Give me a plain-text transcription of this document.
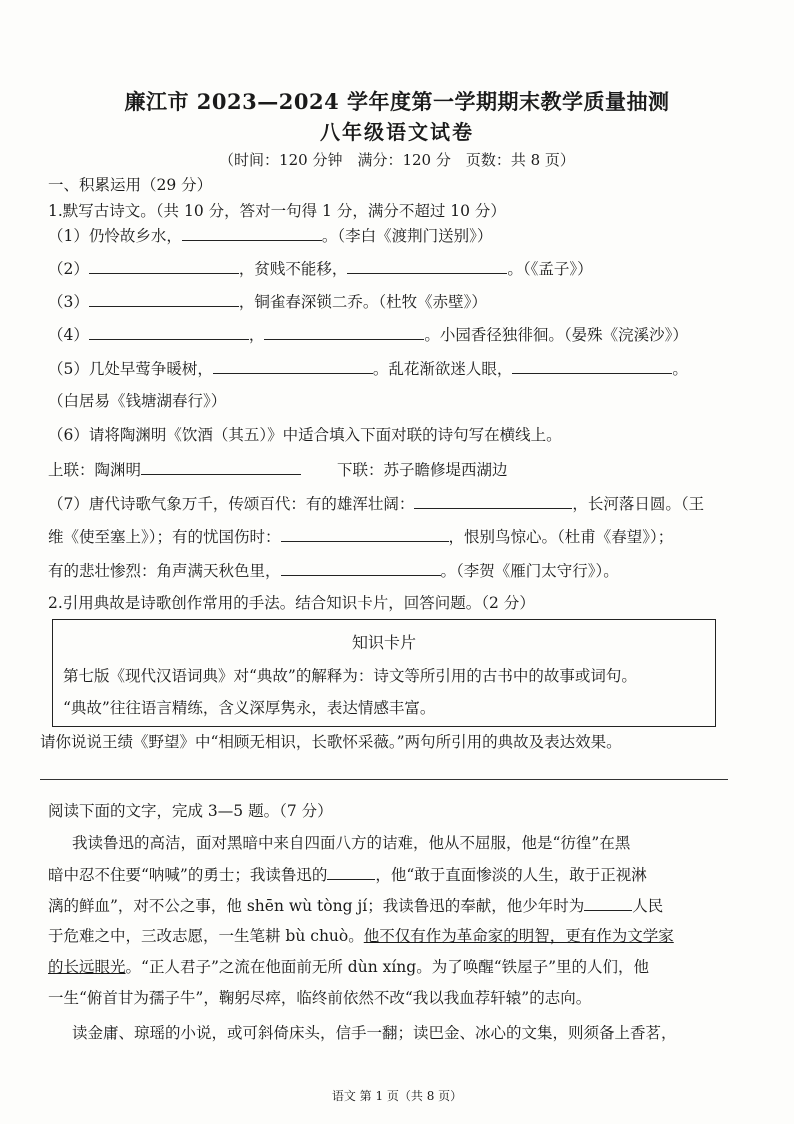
廉江市 2023—2024 学年度第一学期期末教学质量抽测
八年级语文试卷
（时间：120 分钟　满分：120 分　页数：共 8 页）
一、积累运用（29 分）
1.默写古诗文。（共 10 分，答对一句得 1 分，满分不超过 10 分）
（1）仍怜故乡水，	。（李白《渡荆门送别》）
（2）	，贫贱不能移，	。（《孟子》）
（3）	，铜雀春深锁二乔。（杜牧《赤壁》）
（4）	，	。小园香径独徘徊。（晏殊《浣溪沙》）
（5）几处早莺争暖树，	。乱花渐欲迷人眼，	。
（白居易《钱塘湖春行》）
（6）请将陶渊明《饮酒（其五）》中适合填入下面对联的诗句写在横线上。
上联：陶渊明	下联：苏子瞻修堤西湖边
（7）唐代诗歌气象万千，传颂百代：有的雄浑壮阔：	，长河落日圆。（王
维《使至塞上》）；有的忧国伤时：	，恨别鸟惊心。（杜甫《春望》）；
有的悲壮惨烈：角声满天秋色里，	。（李贺《雁门太守行》）。
2.引用典故是诗歌创作常用的手法。结合知识卡片，回答问题。（2 分）
知识卡片
第七版《现代汉语词典》对“典故”的解释为：诗文等所引用的古书中的故事或词句。
“典故”往往语言精练，含义深厚隽永，表达情感丰富。
请你说说王绩《野望》中“相顾无相识，长歌怀采薇。”两句所引用的典故及表达效果。
阅读下面的文字，完成 3—5 题。（7 分）
我读鲁迅的高洁，面对黑暗中来自四面八方的诘难，他从不屈服，他是“彷徨”在黑
暗中忍不住要“呐喊”的勇士；我读鲁迅的	，他“敢于直面惨淡的人生，敢于正视淋
漓的鲜血”，对不公之事，他 shēn wù tòng jí；我读鲁迅的奉献，他少年时为	人民
于危难之中，三改志愿，一生笔耕 bù chuò。他不仅有作为革命家的明智，更有作为文学家
的长远眼光。“正人君子”之流在他面前无所 dùn xíng。为了唤醒“铁屋子”里的人们，他
一生“俯首甘为孺子牛”，鞠躬尽瘁，临终前依然不改“我以我血荐轩辕”的志向。
读金庸、琼瑶的小说，或可斜倚床头，信手一翻；读巴金、冰心的文集，则须备上香茗，
语文 第 1 页（共 8 页）
